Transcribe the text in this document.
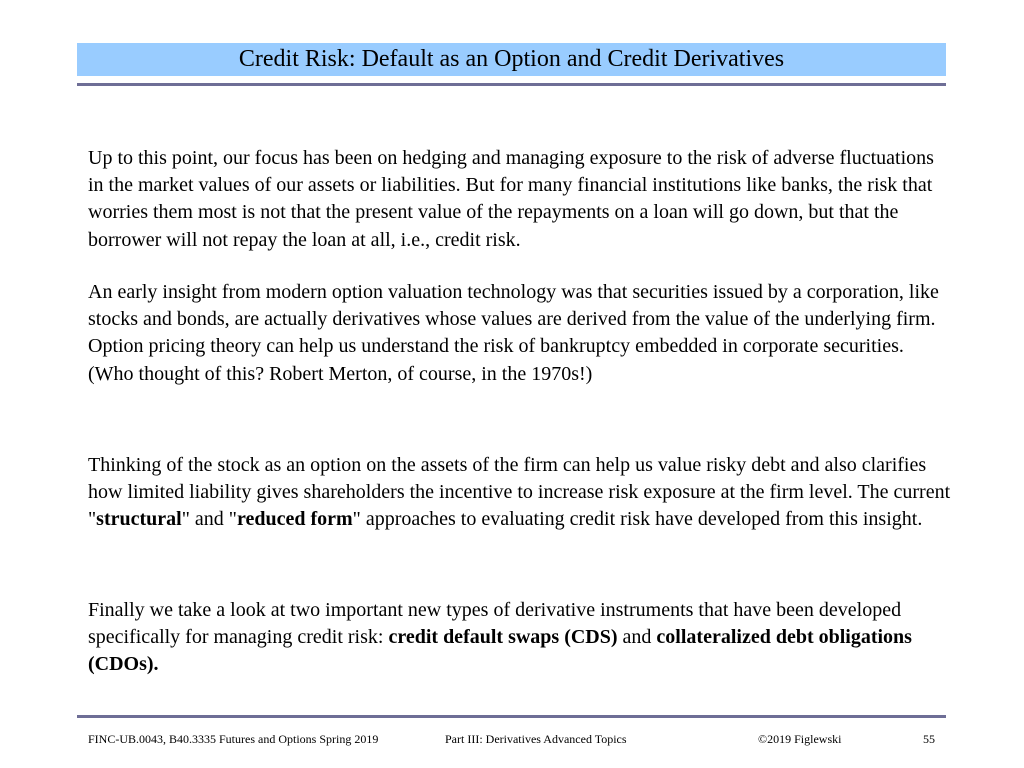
Credit Risk: Default as an Option and Credit Derivatives

Up to this point, our focus has been on hedging and managing exposure to the risk of adverse fluctuations in the market values of our assets or liabilities. But for many financial institutions like banks, the risk that worries them most is not that the present value of the repayments on a loan will go down, but that the borrower will not repay the loan at all, i.e., credit risk.

An early insight from modern option valuation technology was that securities issued by a corporation, like stocks and bonds, are actually derivatives whose values are derived from the value of the underlying firm. Option pricing theory can help us understand the risk of bankruptcy embedded in corporate securities. (Who thought of this? Robert Merton, of course, in the 1970s!)

Thinking of the stock as an option on the assets of the firm can help us value risky debt and also clarifies how limited liability gives shareholders the incentive to increase risk exposure at the firm level. The current "structural" and "reduced form" approaches to evaluating credit risk have developed from this insight.

Finally we take a look at two important new types of derivative instruments that have been developed specifically for managing credit risk: credit default swaps (CDS) and collateralized debt obligations (CDOs).

FINC-UB.0043, B40.3335 Futures and Options Spring 2019	Part III: Derivatives Advanced Topics	©2019 Figlewski	55
